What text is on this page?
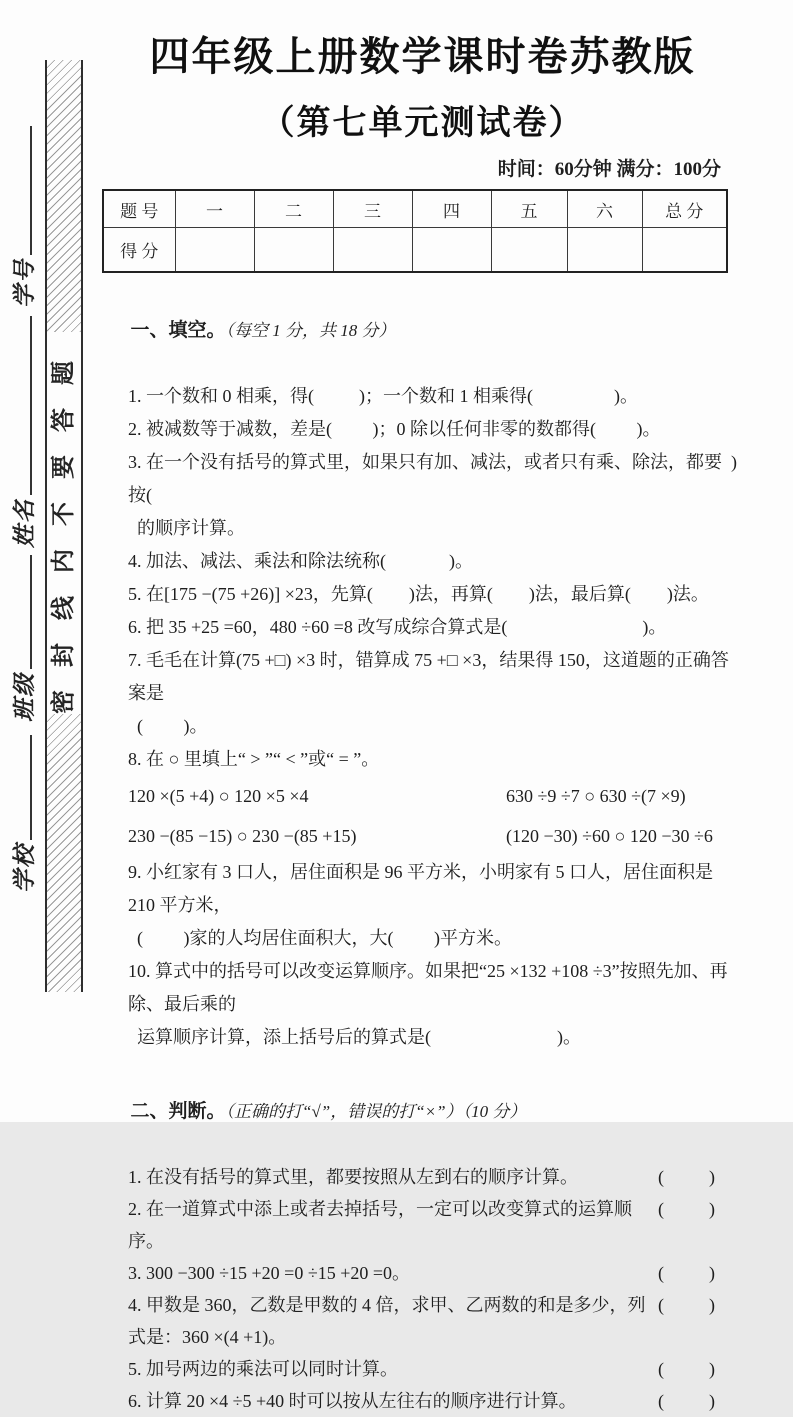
密封线内不要答题
学号
姓名
班级
学校
四年级上册数学课时卷苏教版
（第七单元测试卷）
时间：60分钟 满分：100分
题 号	一	二	三	四	五	六	总 分
得 分							

一、填空。（每空 1 分，共 18 分）

1. 一个数和 0 相乘，得(          )；一个数和 1 相乘得(                  )。
2. 被减数等于减数，差是(         )；0 除以任何非零的数都得(         )。
3. 在一个没有括号的算式里，如果只有加、减法，或者只有乘、除法，都要按(
)
的顺序计算。
4. 加法、减法、乘法和除法统称(              )。
5. 在[175 −(75 +26)] ×23，先算(        )法，再算(        )法，最后算(        )法。
6. 把 35 +25 =60，480 ÷60 =8 改写成综合算式是(                              )。
7. 毛毛在计算(75 +□) ×3 时，错算成 75 +□ ×3，结果得 150，这道题的正确答案是
(         )。
8. 在 ○ 里填上“ > ”“ < ”或“ = ”。
120 ×(5 +4) ○ 120 ×5 ×4	630 ÷9 ÷7 ○ 630 ÷(7 ×9)
230 −(85 −15) ○ 230 −(85 +15)	(120 −30) ÷60 ○ 120 −30 ÷6
9. 小红家有 3 口人，居住面积是 96 平方米，小明家有 5 口人，居住面积是 210 平方米，
(         )家的人均居住面积大，大(         )平方米。
10. 算式中的括号可以改变运算顺序。如果把“25 ×132 +108 ÷3”按照先加、再除、最后乘的
运算顺序计算，添上括号后的算式是(                            )。

二、判断。（正确的打“√”，错误的打“×”）（10 分）

1. 在没有括号的算式里，都要按照从左到右的顺序计算。	(          )
2. 在一道算式中添上或者去掉括号，一定可以改变算式的运算顺序。
(          )
3. 300 −300 ÷15 +20 =0 ÷15 +20 =0。	(          )
4. 甲数是 360，乙数是甲数的 4 倍，求甲、乙两数的和是多少，列式是：360 ×(4 +1)。
(          )
5. 加号两边的乘法可以同时计算。	(          )
6. 计算 20 ×4 ÷5 +40 时可以按从左往右的顺序进行计算。	(          )
